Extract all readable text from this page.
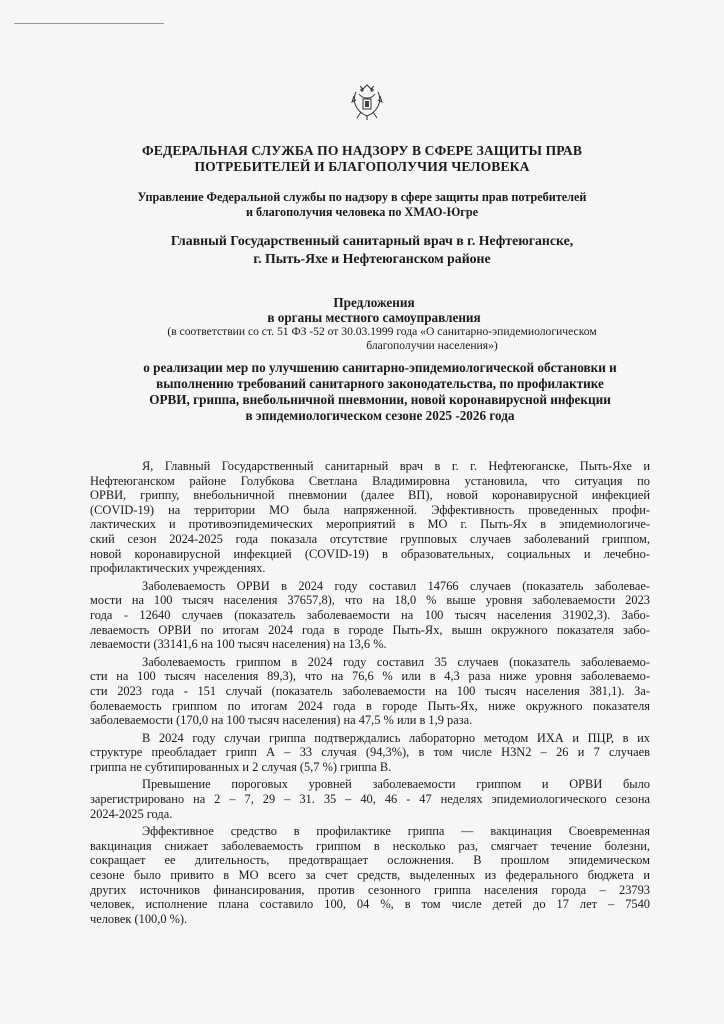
ФЕДЕРАЛЬНАЯ СЛУЖБА ПО НАДЗОРУ В СФЕРЕ ЗАЩИТЫ ПРАВ
ПОТРЕБИТЕЛЕЙ И БЛАГОПОЛУЧИЯ ЧЕЛОВЕКА
Управление Федеральной службы по надзору в сфере защиты прав потребителей
и благополучия человека по ХМАО-Югре
Главный Государственный санитарный врач в г. Нефтеюганске,
г. Пыть-Яхе и Нефтеюганском районе
Предложения
в органы местного самоуправления
(в соответствии со ст. 51 ФЗ -52 от 30.03.1999 года «О санитарно-эпидемиологическом
благополучии населения»)
о реализации мер по улучшению санитарно-эпидемиологической обстановки и
выполнению требований санитарного законодательства, по профилактике
ОРВИ, гриппа, внебольничной пневмонии, новой коронавирусной инфекции
в эпидемиологическом сезоне 2025 -2026 года
Я, Главный Государственный санитарный врач в г. г. Нефтеюганске, Пыть-Яхе и
Нефтеюганском районе Голубкова Светлана Владимировна установила, что ситуация по
ОРВИ, гриппу, внебольничной пневмонии (далее ВП), новой коронавирусной инфекцией
(COVID-19) на территории МО была напряженной. Эффективность проведенных профи-
лактических и противоэпидемических мероприятий в МО г. Пыть-Ях в эпидемиологиче-
ский сезон 2024-2025 года показала отсутствие групповых случаев заболеваний гриппом,
новой коронавирусной инфекцией (COVID-19) в образовательных, социальных и лечебно-
профилактических учреждениях.
Заболеваемость ОРВИ в 2024 году составил 14766 случаев (показатель заболевае-
мости на 100 тысяч населения 37657,8), что на 18,0 % выше уровня заболеваемости 2023
года - 12640 случаев (показатель заболеваемости на 100 тысяч населения 31902,3). Забо-
леваемость ОРВИ по итогам 2024 года в городе Пыть-Ях, вышн окружного показателя забо-
леваемости (33141,6 на 100 тысяч населения) на 13,6 %.
Заболеваемость гриппом в 2024 году составил 35 случаев (показатель заболеваемо-
сти на 100 тысяч населения 89,3), что на 76,6 % или в 4,3 раза ниже уровня заболеваемо-
сти 2023 года - 151 случай (показатель заболеваемости на 100 тысяч населения 381,1). За-
болеваемость гриппом по итогам 2024 года в городе Пыть-Ях, ниже окружного показателя
заболеваемости (170,0 на 100 тысяч населения) на 47,5 % или в 1,9 раза.
В 2024 году случаи гриппа подтверждались лабораторно методом ИХА и ПЦР, в их
структуре преобладает грипп А – 33 случая (94,3%), в том числе H3N2 – 26 и 7 случаев
гриппа не субтипированных и 2 случая (5,7 %) гриппа В.
Превышение пороговых уровней заболеваемости гриппом и ОРВИ было
зарегистрировано на 2 – 7, 29 – 31. 35 – 40, 46 - 47 неделях эпидемиологического сезона
2024-2025 года.
Эффективное средство в профилактике гриппа — вакцинация Своевременная
вакцинация снижает заболеваемость гриппом в несколько раз, смягчает течение болезни,
сокращает ее длительность, предотвращает осложнения. В прошлом эпидемическом
сезоне было привито в МО всего за счет средств, выделенных из федерального бюджета и
других источников финансирования, против сезонного гриппа населения города – 23793
человек, исполнение плана составило 100, 04 %, в том числе детей до 17 лет – 7540
человек (100,0 %).
